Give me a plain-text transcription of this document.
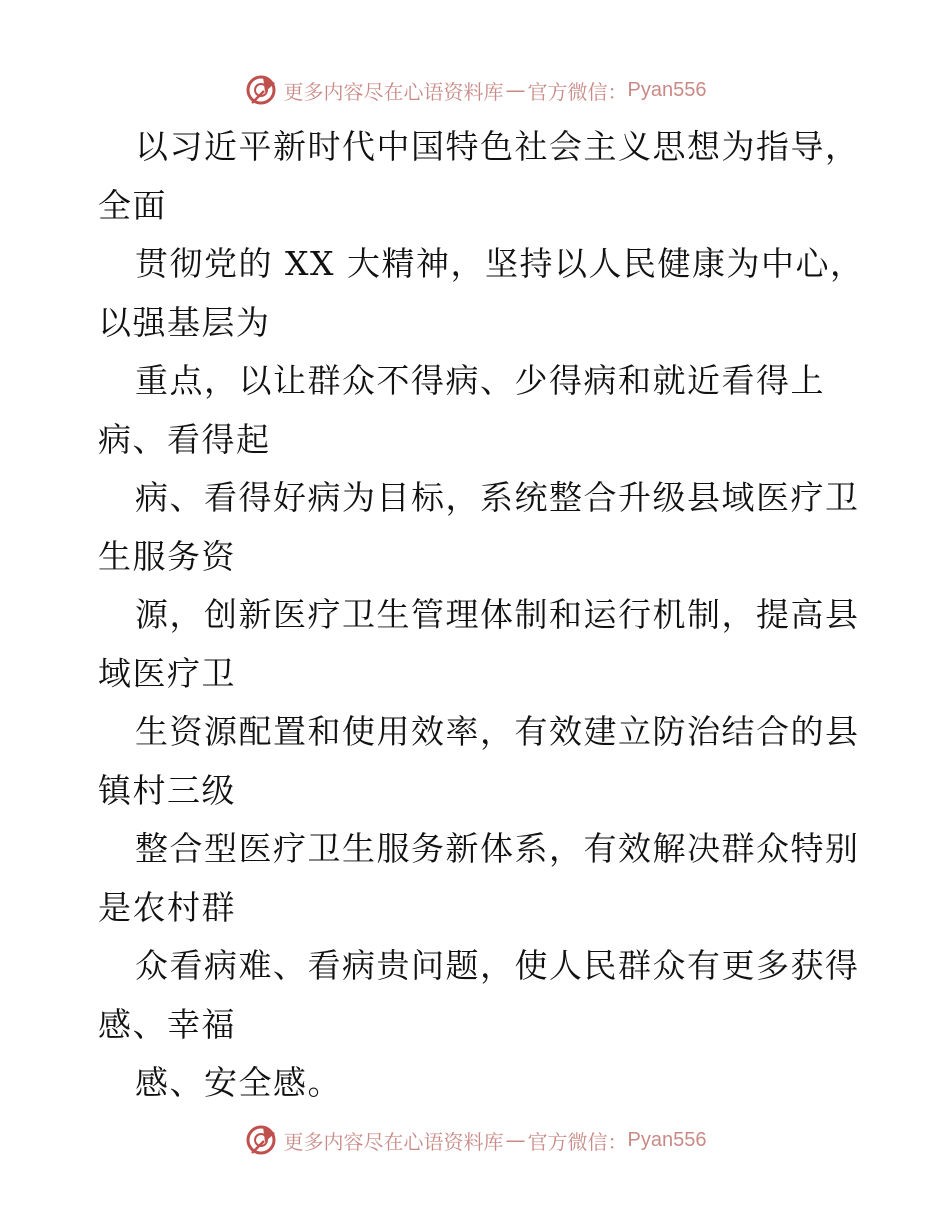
更多内容尽在心语资料库 — 官方微信： Pyan556
以习近平新时代中国特色社会主义思想为指导，
全面
贯彻党的 XX 大精神，坚持以人民健康为中心，
以强基层为
重点，以让群众不得病、少得病和就近看得上
病、看得起
病、看得好病为目标，系统整合升级县域医疗卫
生服务资
源，创新医疗卫生管理体制和运行机制，提高县
域医疗卫
生资源配置和使用效率，有效建立防治结合的县
镇村三级
整合型医疗卫生服务新体系，有效解决群众特别
是农村群
众看病难、看病贵问题，使人民群众有更多获得
感、幸福
感、安全感。
更多内容尽在心语资料库 — 官方微信： Pyan556
